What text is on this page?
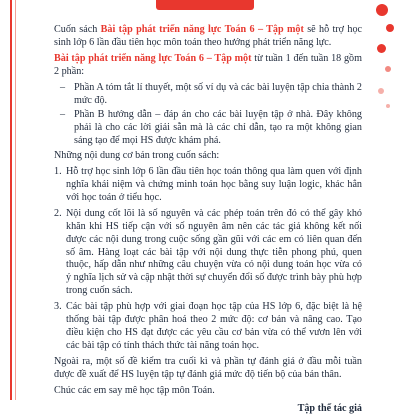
Cuốn sách Bài tập phát triển năng lực Toán 6 – Tập một sẽ hỗ trợ học sinh lớp 6 lần đầu tiên học môn toán theo hướng phát triển năng lực.

Bài tập phát triển năng lực Toán 6 – Tập một từ tuần 1 đến tuần 18 gồm 2 phần:

– Phần A tóm tắt lí thuyết, một số ví dụ và các bài luyện tập chia thành 2 mức độ.
– Phần B hướng dẫn – đáp án cho các bài luyện tập ở nhà. Đây không phải là cho các lời giải sẵn mà là các chỉ dẫn, tạo ra một không gian sáng tạo để mọi HS được khám phá.

Những nội dung cơ bản trong cuốn sách:

1. Hỗ trợ học sinh lớp 6 lần đầu tiên học toán thông qua làm quen với định nghĩa khái niệm và chứng minh toán học bằng suy luận logic, khác hẳn với học toán ở tiểu học.
2. Nội dung cốt lõi là số nguyên và các phép toán trên đó có thể gây khó khăn khi HS tiếp cận với số nguyên âm nên các tác giả không kết nối được các nội dung trong cuộc sống gần gũi với các em có liên quan đến số âm. Hàng loạt các bài tập với nội dung thực tiễn phong phú, quen thuộc, hấp dẫn như những câu chuyện vừa có nội dung toán học vừa có ý nghĩa lịch sử và cập nhật thời sự chuyển đổi số được trình bày phù hợp trong cuốn sách.
3. Các bài tập phù hợp với giai đoạn học tập của HS lớp 6, đặc biệt là hệ thống bài tập được phân hoá theo 2 mức độ: cơ bản và nâng cao. Tạo điều kiện cho HS đạt được các yêu cầu cơ bản vừa có thể vươn lên với các bài tập có tính thách thức tài năng toán học.

Ngoài ra, một số đề kiểm tra cuối kì và phần tự đánh giá ở đầu mỗi tuần được đề xuất để HS luyện tập tự đánh giá mức độ tiến bộ của bản thân.

Chúc các em say mê học tập môn Toán.

Tập thể tác giả
